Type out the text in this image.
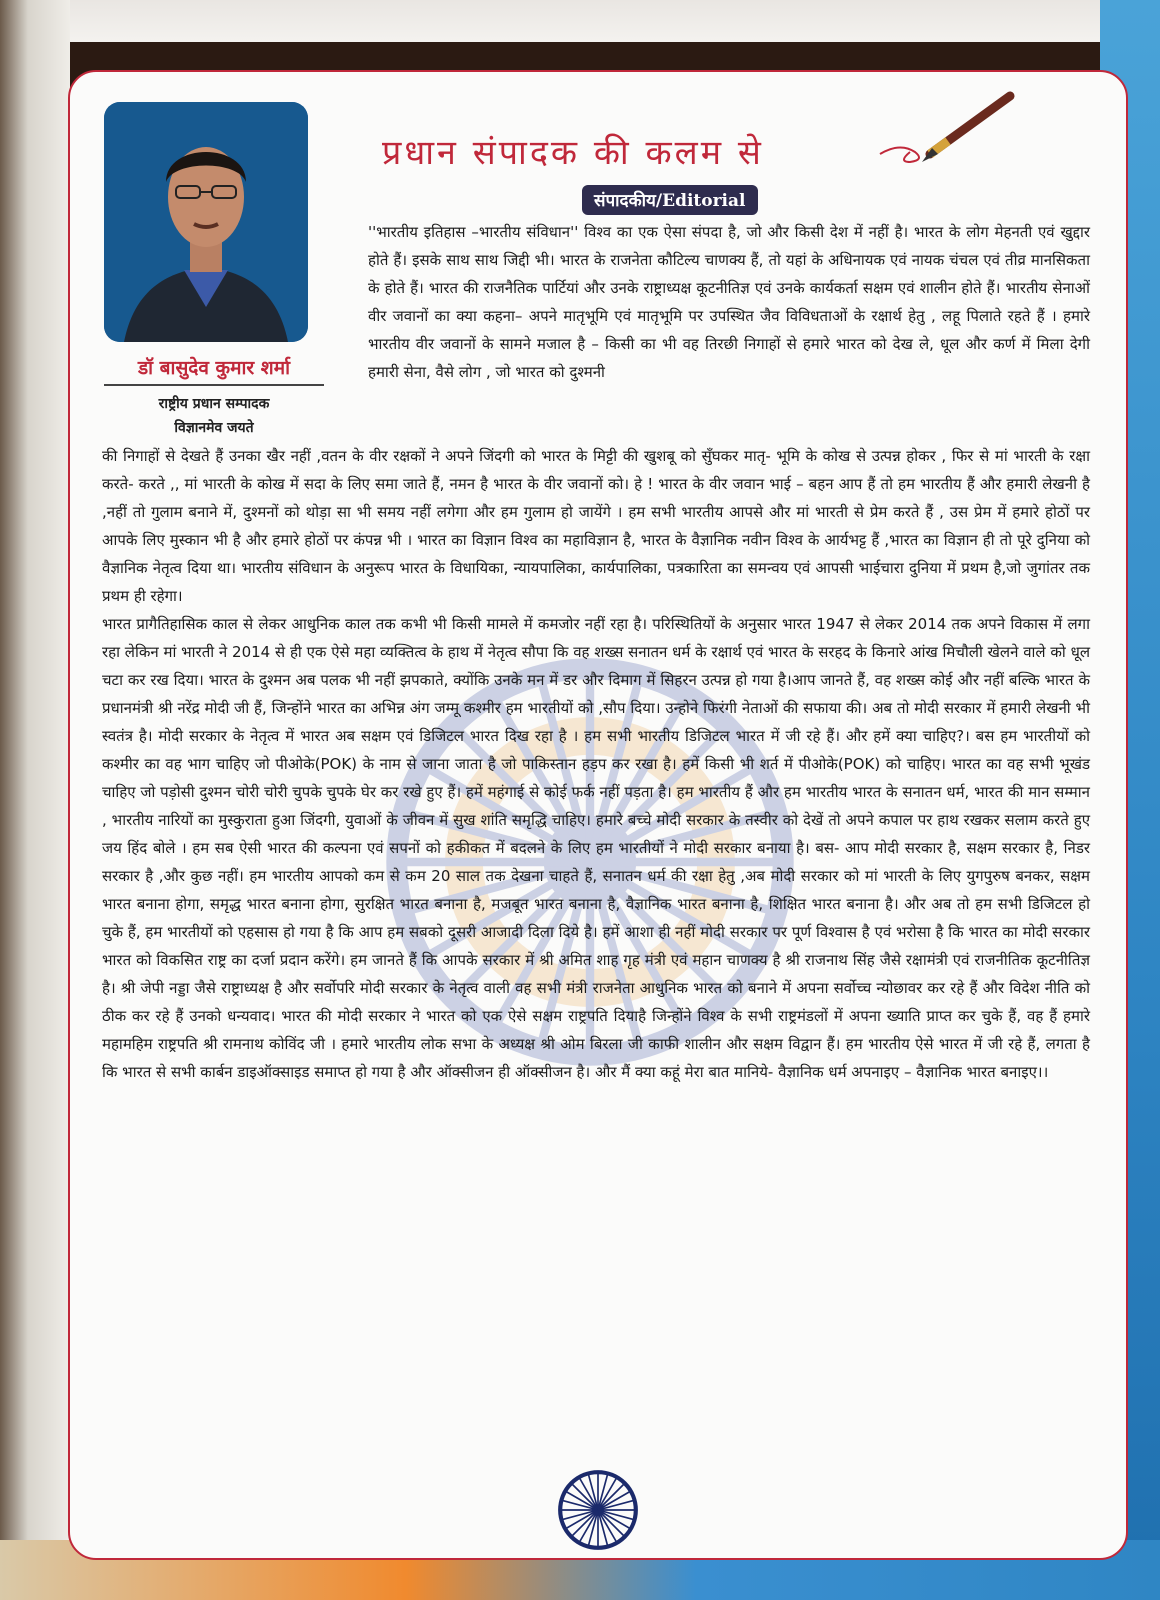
डॉ बासुदेव कुमार शर्मा
राष्ट्रीय प्रधान सम्पादक
विज्ञानमेव जयते
प्रधान संपादक की कलम से
संपादकीय/Editorial
''भारतीय इतिहास –भारतीय संविधान'' विश्व का एक ऐसा संपदा है, जो और किसी देश में नहीं है। भारत के लोग मेहनती एवं खुद्दार होते हैं। इसके साथ साथ जिद्दी भी। भारत के राजनेता कौटिल्य चाणक्य हैं, तो यहां के अधिनायक एवं नायक चंचल एवं तीव्र मानसिकता के होते हैं। भारत की राजनैतिक पार्टियां और उनके राष्ट्राध्यक्ष कूटनीतिज्ञ एवं उनके कार्यकर्ता सक्षम एवं शालीन होते हैं। भारतीय सेनाओं वीर जवानों का क्या कहना– अपने मातृभूमि एवं मातृभूमि पर उपस्थित जैव विविधताओं के रक्षार्थ हेतु , लहू पिलाते रहते हैं । हमारे भारतीय वीर जवानों के सामने मजाल है – किसी का भी वह तिरछी निगाहों से हमारे भारत को देख ले, धूल और कर्ण में मिला देगी हमारी सेना, वैसे लोग , जो भारत को दुश्मनी
की निगाहों से देखते हैं उनका खैर नहीं ,वतन के वीर रक्षकों ने अपने जिंदगी को भारत के मिट्टी की खुशबू को सुँघकर मातृ- भूमि के कोख से उत्पन्न होकर , फिर से मां भारती के रक्षा करते- करते ,, मां भारती के कोख में सदा के लिए समा जाते हैं, नमन है भारत के वीर जवानों को। हे ! भारत के वीर जवान भाई – बहन आप हैं तो हम भारतीय हैं और हमारी लेखनी है ,नहीं तो गुलाम बनाने में, दुश्मनों को थोड़ा सा भी समय नहीं लगेगा और हम गुलाम हो जायेंगे । हम सभी भारतीय आपसे और मां भारती से प्रेम करते हैं , उस प्रेम में हमारे होठों पर आपके लिए मुस्कान भी है और हमारे होठों पर कंपन्न भी । भारत का विज्ञान विश्व का महाविज्ञान है, भारत के वैज्ञानिक नवीन विश्व के आर्यभट्ट हैं ,भारत का विज्ञान ही तो पूरे दुनिया को वैज्ञानिक नेतृत्व दिया था। भारतीय संविधान के अनुरूप भारत के विधायिका, न्यायपालिका, कार्यपालिका, पत्रकारिता का समन्वय एवं आपसी भाईचारा दुनिया में प्रथम है,जो जुगांतर तक प्रथम ही रहेगा।
भारत प्रागैतिहासिक काल से लेकर आधुनिक काल तक कभी भी किसी मामले में कमजोर नहीं रहा है। परिस्थितियों के अनुसार भारत 1947 से लेकर 2014 तक अपने विकास में लगा रहा लेकिन मां भारती ने 2014 से ही एक ऐसे महा व्यक्तित्व के हाथ में नेतृत्व सौपा कि वह शख्स सनातन धर्म के रक्षार्थ एवं भारत के सरहद के किनारे आंख मिचौली खेलने वाले को धूल चटा कर रख दिया। भारत के दुश्मन अब पलक भी नहीं झपकाते, क्योंकि उनके मन में डर और दिमाग में सिहरन उत्पन्न हो गया है।आप जानते हैं, वह शख्स कोई और नहीं बल्कि भारत के प्रधानमंत्री श्री नरेंद्र मोदी जी हैं, जिन्होंने भारत का अभिन्न अंग जम्मू कश्मीर हम भारतीयों को ,सौप दिया। उन्होने फिरंगी नेताओं की सफाया की। अब तो मोदी सरकार में हमारी लेखनी भी स्वतंत्र है। मोदी सरकार के नेतृत्व में भारत अब सक्षम एवं डिजिटल भारत दिख रहा है । हम सभी भारतीय डिजिटल भारत में जी रहे हैं। और हमें क्या चाहिए?। बस हम भारतीयों को कश्मीर का वह भाग चाहिए जो पीओके(POK) के नाम से जाना जाता है जो पाकिस्तान हड़प कर रखा है। हमें किसी भी शर्त में पीओके(POK) को चाहिए। भारत का वह सभी भूखंड चाहिए जो पड़ोसी दुश्मन चोरी चोरी चुपके चुपके घेर कर रखे हुए हैं। हमें महंगाई से कोई फर्क नहीं पड़ता है। हम भारतीय हैं और हम भारतीय भारत के सनातन धर्म, भारत की मान सम्मान , भारतीय नारियों का मुस्कुराता हुआ जिंदगी, युवाओं के जीवन में सुख शांति समृद्धि चाहिए। हमारे बच्चे मोदी सरकार के तस्वीर को देखें तो अपने कपाल पर हाथ रखकर सलाम करते हुए जय हिंद बोले । हम सब ऐसी भारत की कल्पना एवं सपनों को हकीकत में बदलने के लिए हम भारतीयों ने मोदी सरकार बनाया है। बस- आप मोदी सरकार है, सक्षम सरकार है, निडर सरकार है ,और कुछ नहीं। हम भारतीय आपको कम से कम 20 साल तक देखना चाहते हैं, सनातन धर्म की रक्षा हेतु ,अब मोदी सरकार को मां भारती के लिए युगपुरुष बनकर, सक्षम भारत बनाना होगा, समृद्ध भारत बनाना होगा, सुरक्षित भारत बनाना है, मजबूत भारत बनाना है, वैज्ञानिक भारत बनाना है, शिक्षित भारत बनाना है। और अब तो हम सभी डिजिटल हो चुके हैं, हम भारतीयों को एहसास हो गया है कि आप हम सबको दूसरी आजादी दिला दिये है। हमें आशा ही नहीं मोदी सरकार पर पूर्ण विश्वास है एवं भरोसा है कि भारत का मोदी सरकार भारत को विकसित राष्ट्र का दर्जा प्रदान करेंगे। हम जानते हैं कि आपके सरकार में श्री अमित शाह गृह मंत्री एवं महान चाणक्य है श्री राजनाथ सिंह जैसे रक्षामंत्री एवं राजनीतिक कूटनीतिज्ञ है। श्री जेपी नड्डा जैसे राष्ट्राध्यक्ष है और सर्वोपरि मोदी सरकार के नेतृत्व वाली वह सभी मंत्री राजनेता आधुनिक भारत को बनाने में अपना सर्वोच्च न्योछावर कर रहे हैं और विदेश नीति को ठीक कर रहे हैं उनको धन्यवाद। भारत की मोदी सरकार ने भारत को एक ऐसे सक्षम राष्ट्रपति दियाहै जिन्होंने विश्व के सभी राष्ट्रमंडलों में अपना ख्याति प्राप्त कर चुके हैं, वह हैं हमारे महामहिम राष्ट्रपति श्री रामनाथ कोविंद जी । हमारे भारतीय लोक सभा के अध्यक्ष श्री ओम बिरला जी काफी शालीन और सक्षम विद्वान हैं। हम भारतीय ऐसे भारत में जी रहे हैं, लगता है कि भारत से सभी कार्बन डाइऑक्साइड समाप्त हो गया है और ऑक्सीजन ही ऑक्सीजन है। और मैं क्या कहूं मेरा बात मानिये- वैज्ञानिक धर्म अपनाइए – वैज्ञानिक भारत बनाइए।।
